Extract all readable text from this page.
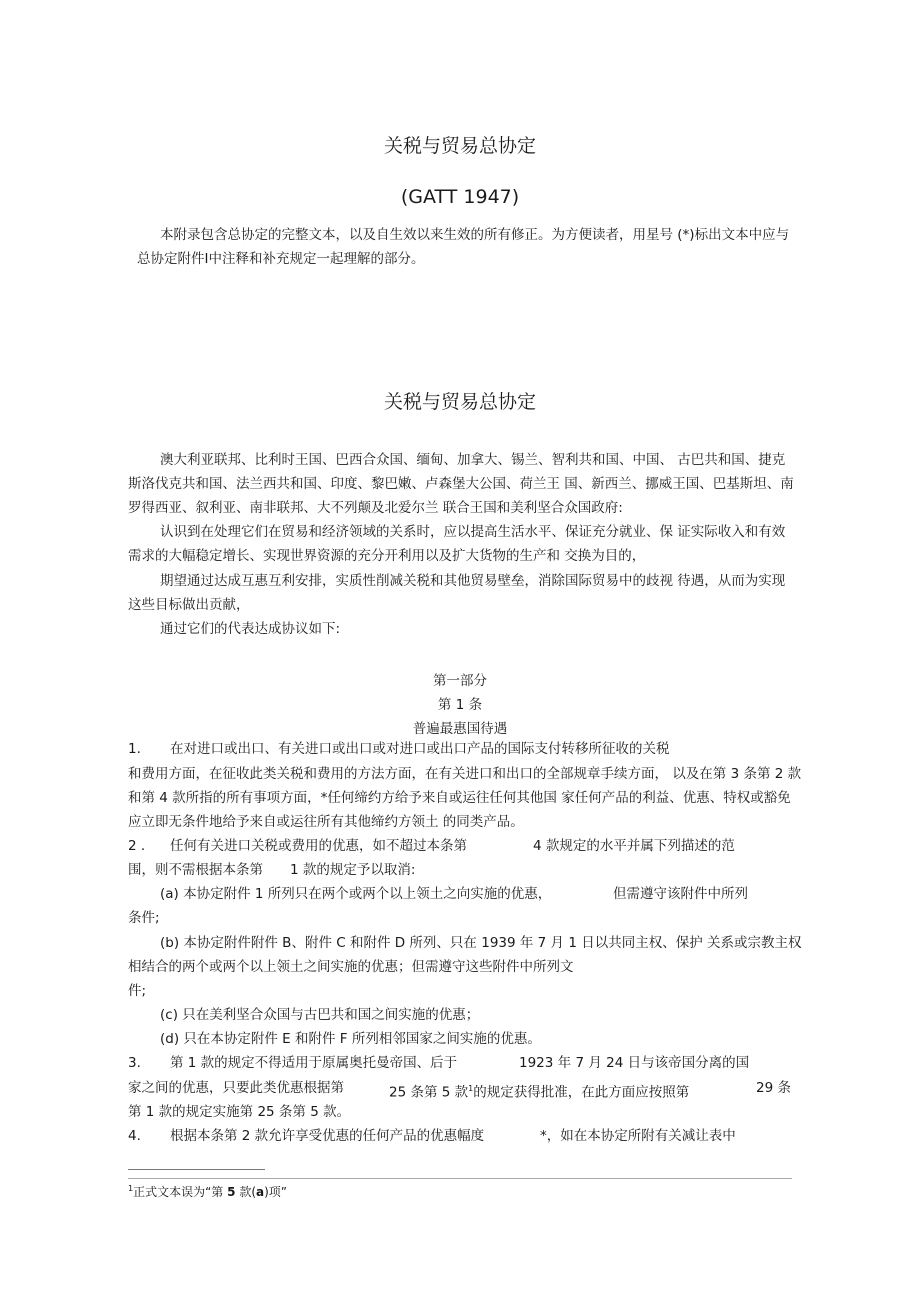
关税与贸易总协定
(GATT 1947)
本附录包含总协定的完整文本，以及自生效以来生效的所有修正。为方便读者，用星号 (*)标出文本中应与
总协定附件Ⅰ中注释和补充规定一起理解的部分。
关税与贸易总协定
澳大利亚联邦、比利时王国、巴西合众国、缅甸、加拿大、锡兰、智利共和国、中国、 古巴共和国、捷克
斯洛伐克共和国、法兰西共和国、印度、黎巴嫩、卢森堡大公国、荷兰王 国、新西兰、挪威王国、巴基斯坦、南
罗得西亚、叙利亚、南非联邦、大不列颠及北爱尔兰 联合王国和美利坚合众国政府:
认识到在处理它们在贸易和经济领域的关系时，应以提高生活水平、保证充分就业、保 证实际收入和有效
需求的大幅稳定增长、实现世界资源的充分开利用以及扩大货物的生产和 交换为目的，
期望通过达成互惠互利安排，实质性削减关税和其他贸易壁垒，消除国际贸易中的歧视 待遇，从而为实现
这些目标做出贡献，
通过它们的代表达成协议如下:
第一部分
第 1 条
普遍最惠国待遇
1. 在对进口或出口、有关进口或出口或对进口或出口产品的国际支付转移所征收的关税
和费用方面，在征收此类关税和费用的方法方面，在有关进口和出口的全部规章手续方面， 以及在第 3 条第 2 款
和第 4 款所指的所有事项方面，*任何缔约方给予来自或运往任何其他国 家任何产品的利益、优惠、特权或豁免
应立即无条件地给予来自或运往所有其他缔约方领土 的同类产品。
2 . 任何有关进口关税或费用的优惠，如不超过本条第	4 款规定的水平并属下列描述的范
围，则不需根据本条第 1 款的规定予以取消:
(a) 本协定附件 1 所列只在两个或两个以上领土之向实施的优惠，	但需遵守该附件中所列
条件;
(b) 本协定附件附件 B、附件 C 和附件 D 所列、只在 1939 年 7 月 1 日以共同主权、保护 关系或宗教主权
相结合的两个或两个以上领土之间实施的优惠；但需遵守这些附件中所列文
件;
(c) 只在美利坚合众国与古巴共和国之间实施的优惠；
(d) 只在本协定附件 E 和附件 F 所列相邻国家之间实施的优惠。
3. 第 1 款的规定不得适用于原属奥托曼帝国、后于	1923 年 7 月 24 日与该帝国分离的国
家之间的优惠，只要此类优惠根据第	25 条第 5 款$^1$的规定获得批准，在此方面应按照第	29 条
第 1 款的规定实施第 25 条第 5 款。
4. 根据本条第 2 款允许享受优惠的任何产品的优惠幅度	*，如在本协定所附有关减让表中
$^1$正式文本误为“第 5 款(a)项”
